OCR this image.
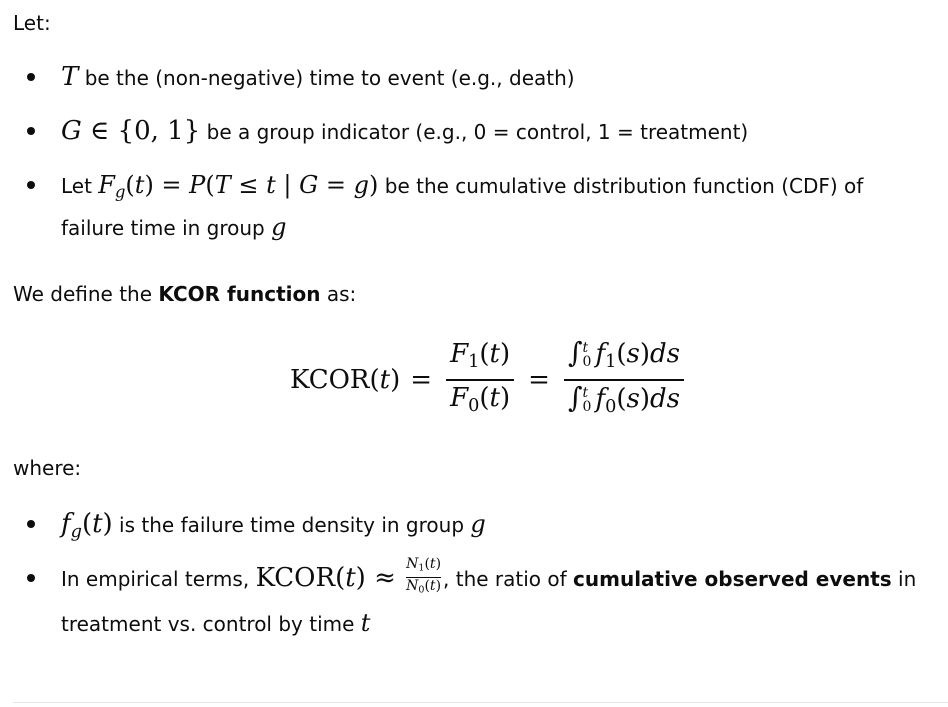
Let:

T be the (non-negative) time to event (e.g., death)
G ∈ {0, 1} be a group indicator (e.g., 0 = control, 1 = treatment)
Let $F_g(t) = P(T \le t$ | G = g) be the cumulative distribution function (CDF) of
failure time in group g

We define the KCOR function as:

KCOR $(t) = \frac{F_1(t)}{F_0(t)}$ = ∫ t
0 $f_1(s)ds$
∫ t
0 $f_0(s)ds$

where:

$f_g(t)$ is the failure time density in group g
In empirical terms, KCOR(t) ≈ $\frac{N_1(t)}{N_0(t)}$ , the ratio of cumulative observed events in
treatment vs. control by time t
